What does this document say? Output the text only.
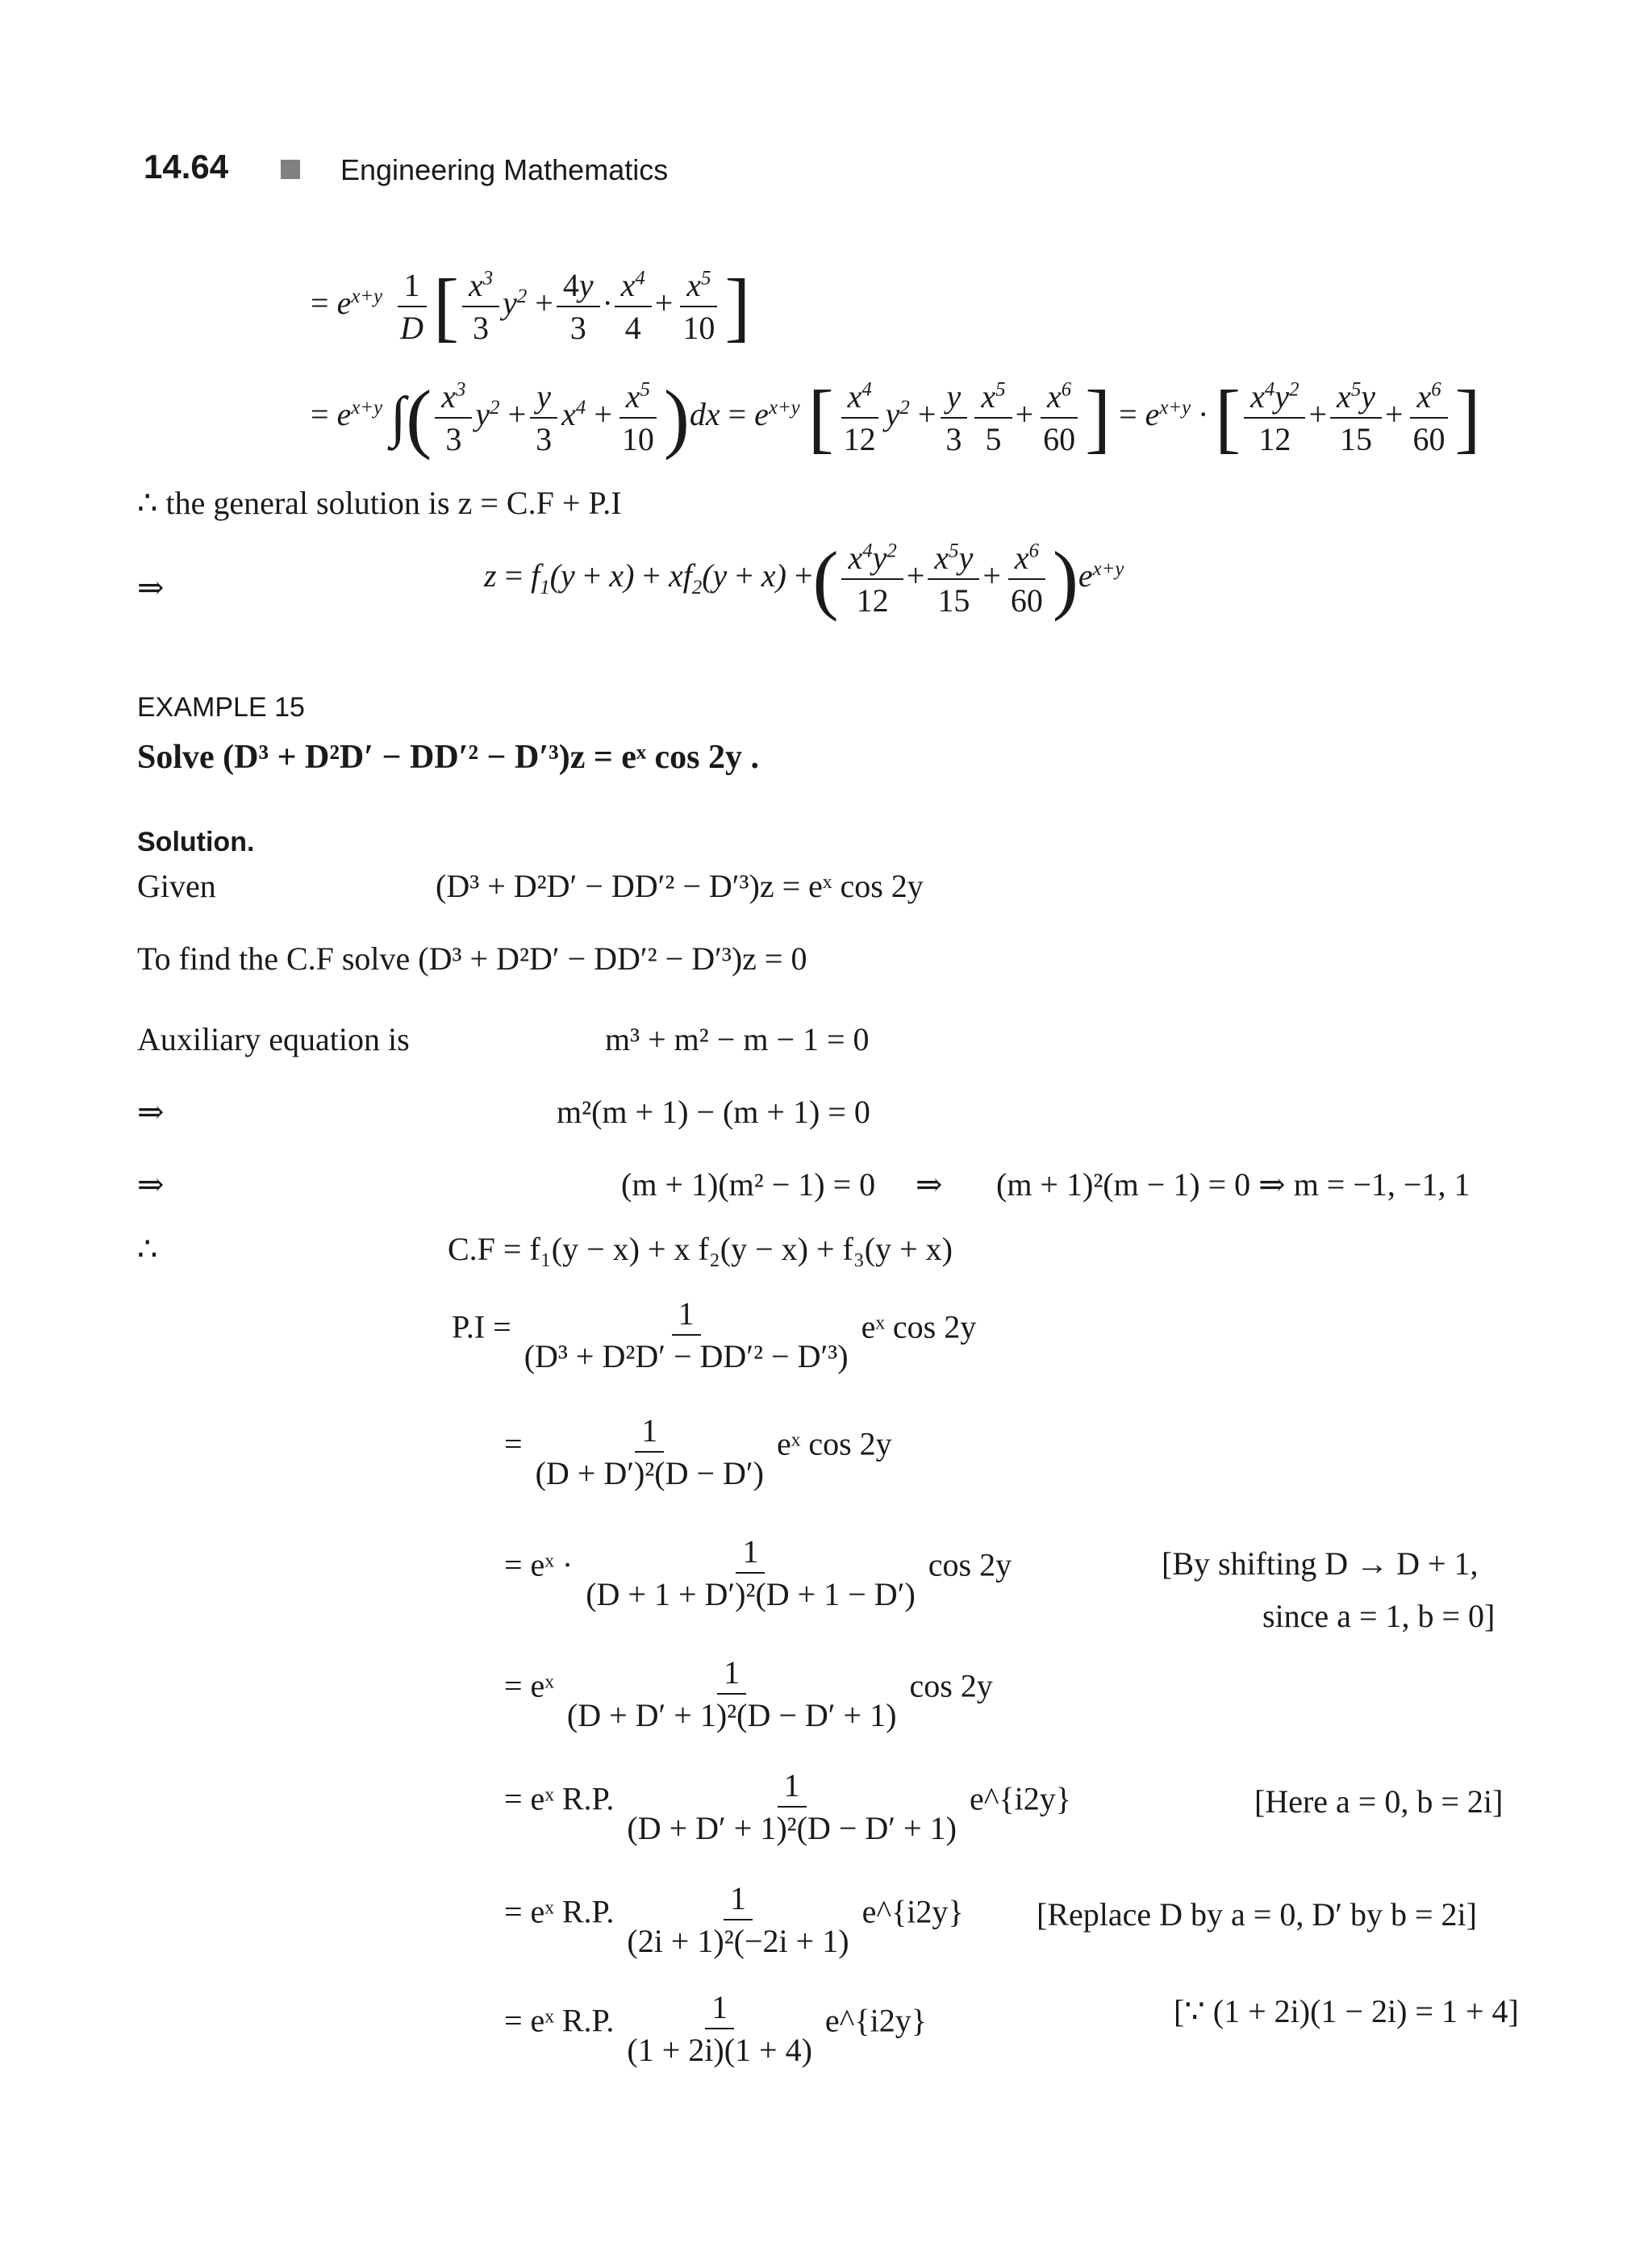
14.64	Engineering Mathematics
= $e^{x+y} \frac{1}{D}$ [ $\frac{x^3}{3} y^2 + \frac{4y}{3} \cdot \frac{x^4}{4} + \frac{x^5}{10}$ ]
= $e^{x+y}$ ∫( $\frac{x^3}{3} y^2 + \frac{y}{3} x^4 + \frac{x^5}{10} )dx = e^{x+y}$ [ $\frac{x^4}{12} y^2 + \frac{y}{3} \frac{x^5}{5} + \frac{x^6}{60}$ ] = $e^{x+y}$ · [ $\frac{x^4y^2}{12} + \frac{x^5y}{15} + \frac{x^6}{60}$ ]
∴ the general solution is z = C.F + P.I
⇒	$z = f_1(y + x) + xf_2(y + x)$ +( $\frac{x^4y^2}{12} + \frac{x^5y}{15} + \frac{x^6}{60} )e^{x+y}$
EXAMPLE 15
Solve (D³ + D²D′ − DD′² − D′³)z = eˣ cos 2y .
Solution.
Given	(D³ + D²D′ − DD′² − D′³)z = eˣ cos 2y
To find the C.F solve (D³ + D²D′ − DD′² − D′³)z = 0
Auxiliary equation is	m³ + m² − m − 1 = 0
⇒	m²(m + 1) − (m + 1) = 0
⇒	(m + 1)(m² − 1) = 0 ⇒ (m + 1)²(m − 1) = 0 ⇒ m = −1, −1, 1
∴	C.F = f₁(y − x) + x f₂(y − x) + f₃(y + x)
$P.I = \frac{1}{\text{(D³ + D²D′ − DD′² − D′³)}}$ eˣ cos 2y
= $\frac{1}{\text{(D + D′)²(D − D′)}}$ eˣ cos 2y
= eˣ · $\frac{1}{\text{(D + 1 + D′)²(D + 1 − D′)}}$ cos 2y	[By shifting D → D + 1,
since a = 1, b = 0]
= eˣ $\frac{1}{\text{(D + D′ + 1)²(D − D′ + 1)}}$ cos 2y
= eˣ R.P. $\frac{1}{\text{(D + D′ + 1)²(D − D′ + 1)}}$ e^{i2y}	[Here a = 0, b = 2i]
= eˣ R.P. $\frac{1}{\text{(2i + 1)²(−2i + 1)}}$ e^{i2y} [Replace D by a = 0, D′ by b = 2i]
= eˣ R.P. $\frac{1}{(1 + 2i)(1 + 4)}$ e^{i2y}	[∵ (1 + 2i)(1 − 2i) = 1 + 4]
